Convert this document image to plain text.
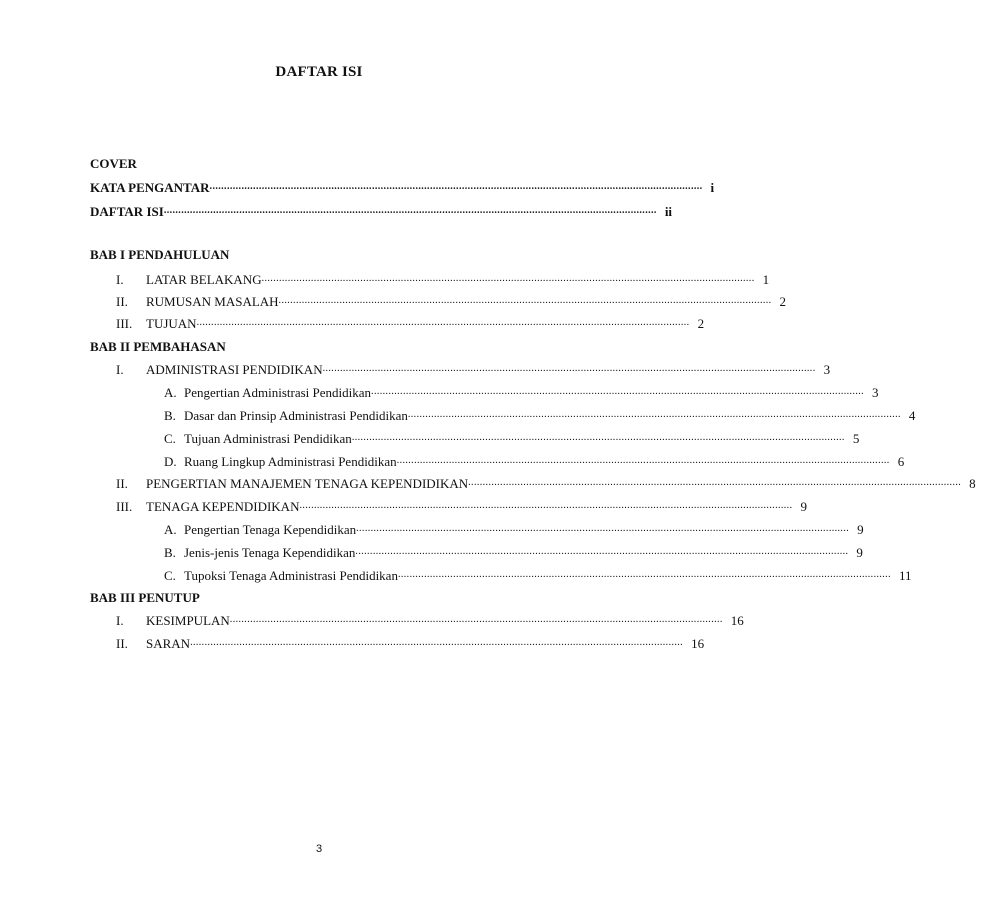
DAFTAR ISI
COVER
KATA PENGANTAR .......................................................................................................................................................................... i
DAFTAR ISI .......................................................................................................................................................................... ii
BAB I PENDAHULUAN
I. LATAR BELAKANG .......................................................................................................................................................................... 1
II. RUMUSAN MASALAH .......................................................................................................................................................................... 2
III. TUJUAN .......................................................................................................................................................................... 2
BAB II PEMBAHASAN
I. ADMINISTRASI PENDIDIKAN .......................................................................................................................................................................... 3
A. Pengertian Administrasi Pendidikan .......................................................................................................................................................................... 3
B. Dasar dan Prinsip Administrasi Pendidikan .......................................................................................................................................................................... 4
C. Tujuan Administrasi Pendidikan .......................................................................................................................................................................... 5
D. Ruang Lingkup Administrasi Pendidikan .......................................................................................................................................................................... 6
II. PENGERTIAN MANAJEMEN TENAGA KEPENDIDIKAN .......................................................................................................................................................................... 8
III. TENAGA KEPENDIDIKAN .......................................................................................................................................................................... 9
A. Pengertian Tenaga Kependidikan .......................................................................................................................................................................... 9
B. Jenis-jenis Tenaga Kependidikan .......................................................................................................................................................................... 9
C. Tupoksi Tenaga Administrasi Pendidikan .......................................................................................................................................................................... 11
BAB III PENUTUP
I. KESIMPULAN .......................................................................................................................................................................... 16
II. SARAN .......................................................................................................................................................................... 16
3
